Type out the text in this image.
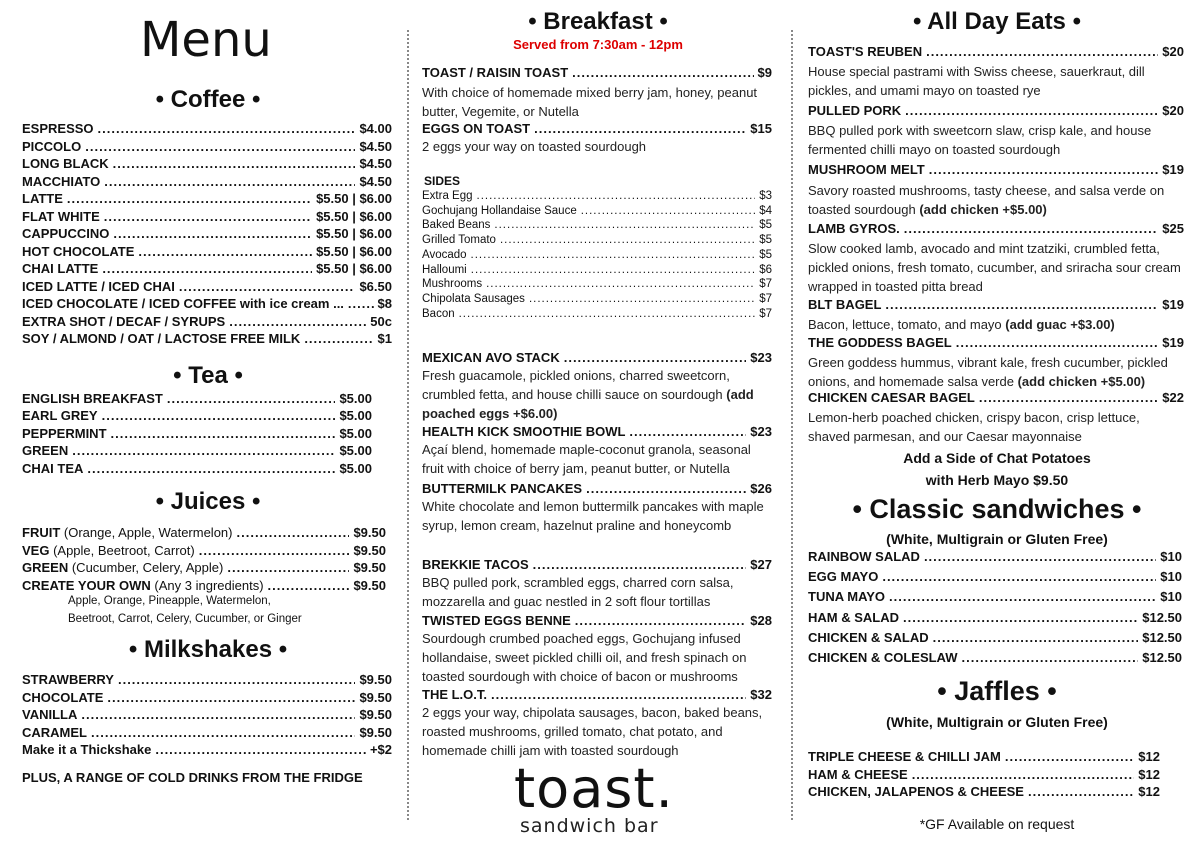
Menu
• Coffee •
ESPRESSO .....	$4.00
PICCOLO .....	$4.50
LONG BLACK .....	$4.50
MACCHIATO .....	$4.50
LATTE .....	$5.50 | $6.00
FLAT WHITE .....	$5.50 | $6.00
CAPPUCCINO .....	$5.50 | $6.00
HOT CHOCOLATE .....	$5.50 | $6.00
CHAI LATTE .....	$5.50 | $6.00
ICED LATTE / ICED CHAI .....	$6.50
ICED CHOCOLATE / ICED COFFEE with ice cream ... .....	$8
EXTRA SHOT / DECAF / SYRUPS .....	50c
SOY / ALMOND / OAT / LACTOSE FREE MILK .....	$1
• Tea •
ENGLISH BREAKFAST .....	$5.00
EARL GREY .....	$5.00
PEPPERMINT .....	$5.00
GREEN .....	$5.00
CHAI TEA .....	$5.00
• Juices •
FRUIT (Orange, Apple, Watermelon) .....	$9.50
VEG (Apple, Beetroot, Carrot) .....	$9.50
GREEN (Cucumber, Celery, Apple) .....	$9.50
CREATE YOUR OWN (Any 3 ingredients) .....	$9.50
Apple, Orange, Pineapple, Watermelon,
Beetroot, Carrot, Celery, Cucumber, or Ginger
• Milkshakes •
STRAWBERRY .....	$9.50
CHOCOLATE .....	$9.50
VANILLA .....	$9.50
CARAMEL .....	$9.50
Make it a Thickshake .....	+$2
PLUS, A RANGE OF COLD DRINKS FROM THE FRIDGE
• Breakfast •
Served from 7:30am - 12pm
TOAST / RAISIN TOAST .....	$9
With choice of homemade mixed berry jam, honey, peanut butter, Vegemite, or Nutella
EGGS ON TOAST .....	$15
2 eggs your way on toasted sourdough
SIDES
Extra Egg .....	$3
Gochujang Hollandaise Sauce .....	$4
Baked Beans .....	$5
Grilled Tomato .....	$5
Avocado .....	$5
Halloumi .....	$6
Mushrooms .....	$7
Chipolata Sausages .....	$7
Bacon .....	$7
MEXICAN AVO STACK .....	$23
Fresh guacamole, pickled onions, charred sweetcorn, crumbled fetta, and house chilli sauce on sourdough (add poached eggs +$6.00)
HEALTH KICK SMOOTHIE BOWL .....	$23
Açaí blend, homemade maple-coconut granola, seasonal fruit with choice of berry jam, peanut butter, or Nutella
BUTTERMILK PANCAKES .....	$26
White chocolate and lemon buttermilk pancakes with maple syrup, lemon cream, hazelnut praline and honeycomb
BREKKIE TACOS .....	$27
BBQ pulled pork, scrambled eggs, charred corn salsa, mozzarella and guac nestled in 2 soft flour tortillas
TWISTED EGGS BENNE .....	$28
Sourdough crumbed poached eggs, Gochujang infused hollandaise, sweet pickled chilli oil, and fresh spinach on toasted sourdough with choice of bacon or mushrooms
THE L.O.T. .....	$32
2 eggs your way, chipolata sausages, bacon, baked beans, roasted mushrooms, grilled tomato, chat potato, and homemade chilli jam with toasted sourdough
toast.
sandwich bar
• All Day Eats •
TOAST'S REUBEN .....	$20
House special pastrami with Swiss cheese, sauerkraut, dill pickles, and umami mayo on toasted rye
PULLED PORK .....	$20
BBQ pulled pork with sweetcorn slaw, crisp kale, and house fermented chilli mayo on toasted sourdough
MUSHROOM MELT .....	$19
Savory roasted mushrooms, tasty cheese, and salsa verde on toasted sourdough (add chicken +$5.00)
LAMB GYROS. .....	$25
Slow cooked lamb, avocado and mint tzatziki, crumbled fetta, pickled onions, fresh tomato, cucumber, and sriracha sour cream wrapped in toasted pitta bread
BLT BAGEL .....	$19
Bacon, lettuce, tomato, and mayo (add guac +$3.00)
THE GODDESS BAGEL .....	$19
Green goddess hummus, vibrant kale, fresh cucumber, pickled onions, and homemade salsa verde (add chicken +$5.00)
CHICKEN CAESAR BAGEL .....	$22
Lemon-herb poached chicken, crispy bacon, crisp lettuce, shaved parmesan, and our Caesar mayonnaise
Add a Side of Chat Potatoes
with Herb Mayo $9.50
• Classic sandwiches •
(White, Multigrain or Gluten Free)
RAINBOW SALAD .....	$10
EGG MAYO .....	$10
TUNA MAYO .....	$10
HAM & SALAD .....	$12.50
CHICKEN & SALAD .....	$12.50
CHICKEN & COLESLAW .....	$12.50
• Jaffles •
(White, Multigrain or Gluten Free)
TRIPLE CHEESE & CHILLI JAM .....	$12
HAM & CHEESE .....	$12
CHICKEN, JALAPENOS & CHEESE .....	$12
*GF Available on request
